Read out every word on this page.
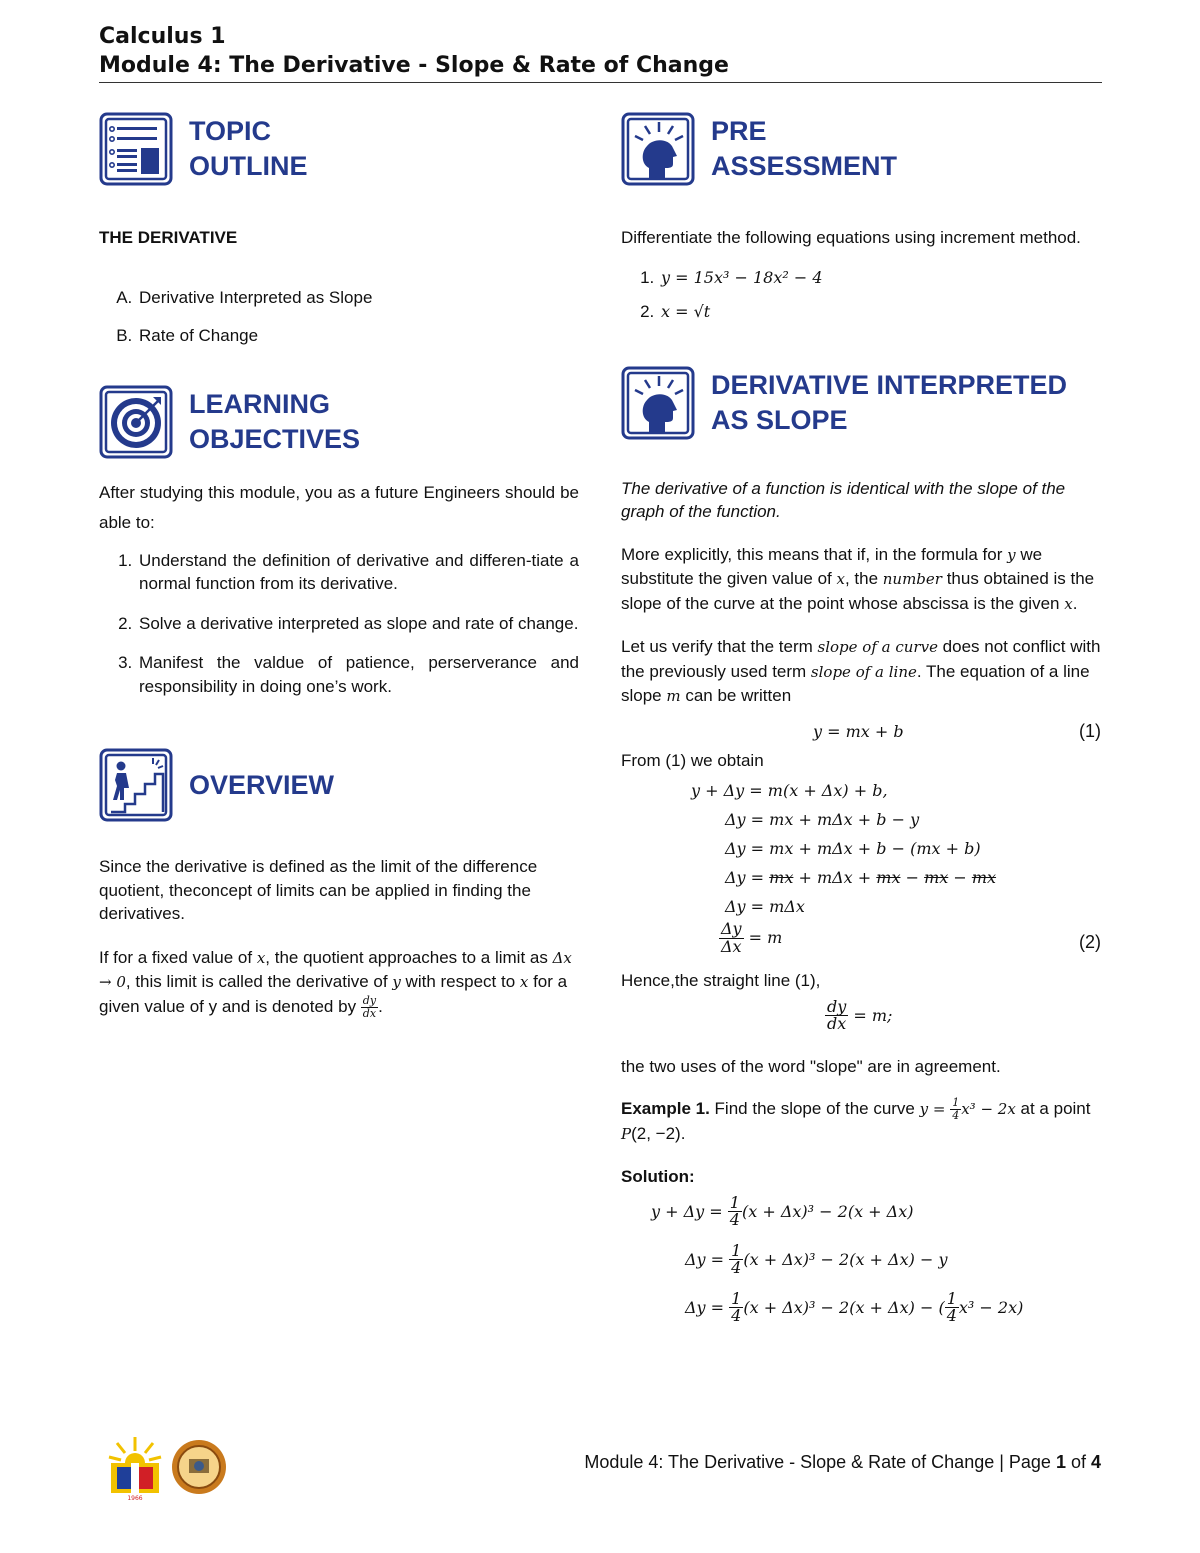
Calculus 1
Module 4: The Derivative - Slope & Rate of Change
TOPIC
OUTLINE

THE DERIVATIVE

A. Derivative Interpreted as Slope
B. Rate of Change
LEARNING
OBJECTIVES

After studying this module, you as a future Engineers should be able to:

1. Understand the definition of derivative and differen-tiate a normal function from its derivative.
2. Solve a derivative interpreted as slope and rate of change.
3. Manifest the valdue of patience, perserverance and responsibility in doing one’s work.
OVERVIEW

Since the derivative is defined as the limit of the difference quotient, theconcept of limits can be applied in finding the derivatives.

If for a fixed value of x, the quotient approaches to a limit as Δx → 0, this limit is called the derivative of y with respect to x for a given value of y and is denoted by $\frac{dy}{dx}$ .

PRE
ASSESSMENT

Differentiate the following equations using increment method.

1. y = 15x³ − 18x² − 4
2. x = √t
DERIVATIVE INTERPRETED
AS SLOPE

The derivative of a function is identical with the slope of the graph of the function.

More explicitly, this means that if, in the formula for y we substitute the given value of x, the number thus obtained is the slope of the curve at the point whose abscissa is the given x.

Let us verify that the term slope of a curve does not conflict with the previously used term slope of a line. The equation of a line slope m can be written

y = mx + b	(1)

From (1) we obtain

y + Δy = m(x + Δx) + b,
Δy = mx + mΔx + b − y
Δy = mx + mΔx + b − (mx + b)
Δy = mx + mΔx + mx − mx − mx
Δy = mΔx
$\frac{\Delta y}{\Delta x} = m$	(2)

Hence,the straight line (1),

$\frac{dy}{dx} = m$;

the two uses of the word "slope" are in agreement.

Example 1. Find the slope of the curve $y = \frac{1}{4} x^3 - 2x$ at a point P(2, −2).

Solution:

$y + \Delta y = \frac{1}{4} (x + \Delta x)^3 - 2(x + \Delta x)$
$\Delta y = \frac{1}{4} (x + \Delta x)^3 - 2(x + \Delta x) - y$
$\Delta y = \frac{1}{4} (x + \Delta x)^3 - 2(x + \Delta x)$ − ( $\frac{1}{4} x^3 - 2x$)
1966
Module 4: The Derivative - Slope & Rate of Change | Page 1 of 4
